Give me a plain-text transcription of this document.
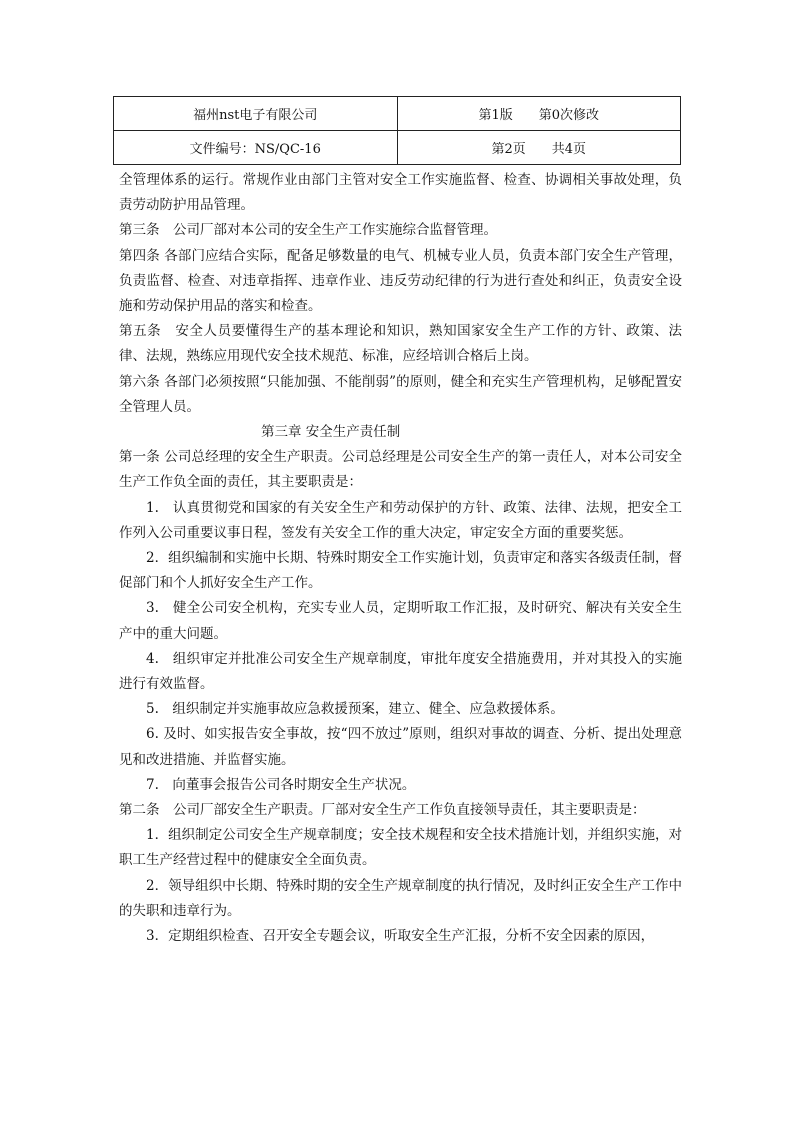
福州nst电子有限公司	第1版 第0次修改
文件编号：NS/QC-16	第2页 共4页

全管理体系的运行。常规作业由部门主管对安全工作实施监督、检查、协调相关事故处理，负责劳动防护用品管理。

第三条　公司厂部对本公司的安全生产工作实施综合监督管理。

第四条 各部门应结合实际，配备足够数量的电气、机械专业人员，负责本部门安全生产管理，负责监督、检查、对违章指挥、违章作业、违反劳动纪律的行为进行查处和纠正，负责安全设施和劳动保护用品的落实和检查。

第五条　安全人员要懂得生产的基本理论和知识，熟知国家安全生产工作的方针、政策、法律、法规，熟练应用现代安全技术规范、标准，应经培训合格后上岗。

第六条 各部门必须按照“只能加强、不能削弱”的原则，健全和充实生产管理机构，足够配置安全管理人员。

第三章 安全生产责任制

第一条 公司总经理的安全生产职责。公司总经理是公司安全生产的第一责任人，对本公司安全生产工作负全面的责任，其主要职责是：

1.　认真贯彻党和国家的有关安全生产和劳动保护的方针、政策、法律、法规，把安全工作列入公司重要议事日程，签发有关安全工作的重大决定，审定安全方面的重要奖惩。

2．组织编制和实施中长期、特殊时期安全工作实施计划，负责审定和落实各级责任制，督促部门和个人抓好安全生产工作。

3.　健全公司安全机构，充实专业人员，定期听取工作汇报，及时研究、解决有关安全生产中的重大问题。

4.　组织审定并批准公司安全生产规章制度，审批年度安全措施费用，并对其投入的实施进行有效监督。

5.　组织制定并实施事故应急救援预案，建立、健全、应急救援体系。

6. 及时、如实报告安全事故，按“四不放过”原则，组织对事故的调查、分析、提出处理意见和改进措施、并监督实施。

7.　向董事会报告公司各时期安全生产状况。

第二条　公司厂部安全生产职责。厂部对安全生产工作负直接领导责任，其主要职责是：

1．组织制定公司安全生产规章制度；安全技术规程和安全技术措施计划，并组织实施，对职工生产经营过程中的健康安全全面负责。

2．领导组织中长期、特殊时期的安全生产规章制度的执行情况，及时纠正安全生产工作中的失职和违章行为。

3．定期组织检查、召开安全专题会议，听取安全生产汇报，分析不安全因素的原因，
